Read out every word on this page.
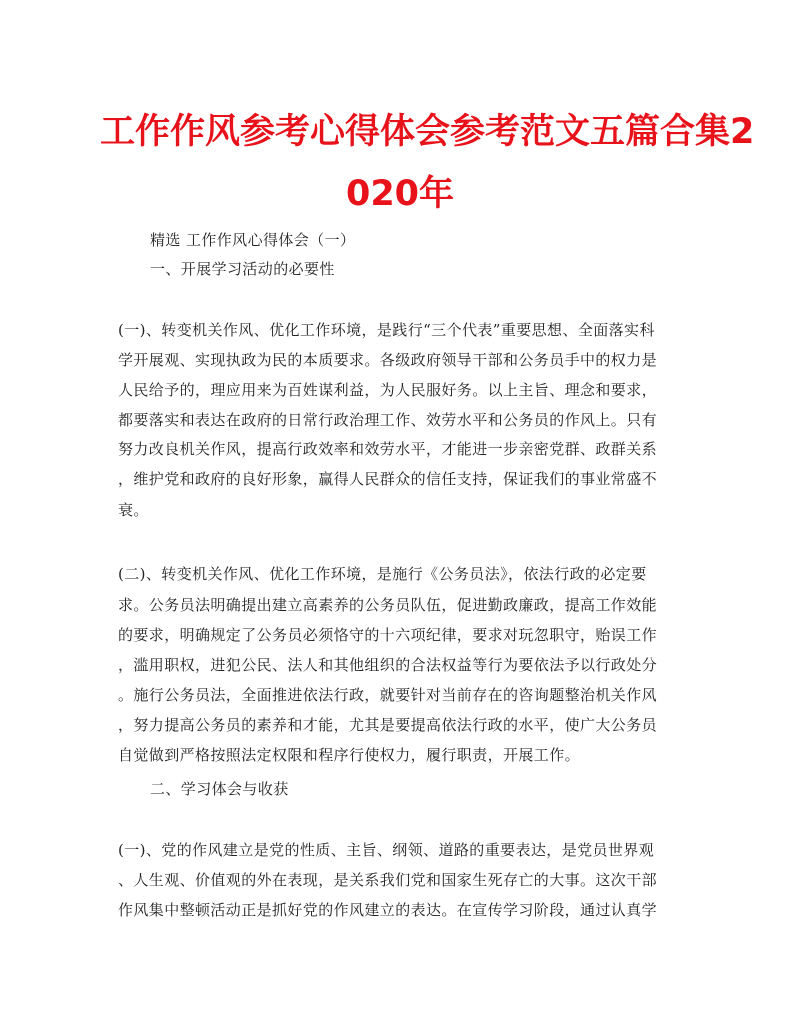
工作作风参考心得体会参考范文五篇合集2
020年
精选 工作作风心得体会（一）
一、开展学习活动的必要性
(一)、转变机关作风、优化工作环境，是践行“三个代表”重要思想、全面落实科
学开展观、实现执政为民的本质要求。各级政府领导干部和公务员手中的权力是
人民给予的，理应用来为百姓谋利益，为人民服好务。以上主旨、理念和要求，
都要落实和表达在政府的日常行政治理工作、效劳水平和公务员的作风上。只有
努力改良机关作风，提高行政效率和效劳水平，才能进一步亲密党群、政群关系
，维护党和政府的良好形象，赢得人民群众的信任支持，保证我们的事业常盛不
衰。
(二)、转变机关作风、优化工作环境，是施行《公务员法》，依法行政的必定要
求。公务员法明确提出建立高素养的公务员队伍，促进勤政廉政，提高工作效能
的要求，明确规定了公务员必须恪守的十六项纪律，要求对玩忽职守，贻误工作
，滥用职权，进犯公民、法人和其他组织的合法权益等行为要依法予以行政处分
。施行公务员法，全面推进依法行政，就要针对当前存在的咨询题整治机关作风
，努力提高公务员的素养和才能，尤其是要提高依法行政的水平，使广大公务员
自觉做到严格按照法定权限和程序行使权力，履行职责，开展工作。
二、学习体会与收获
(一)、党的作风建立是党的性质、主旨、纲领、道路的重要表达，是党员世界观
、人生观、价值观的外在表现，是关系我们党和国家生死存亡的大事。这次干部
作风集中整顿活动正是抓好党的作风建立的表达。在宣传学习阶段，通过认真学
